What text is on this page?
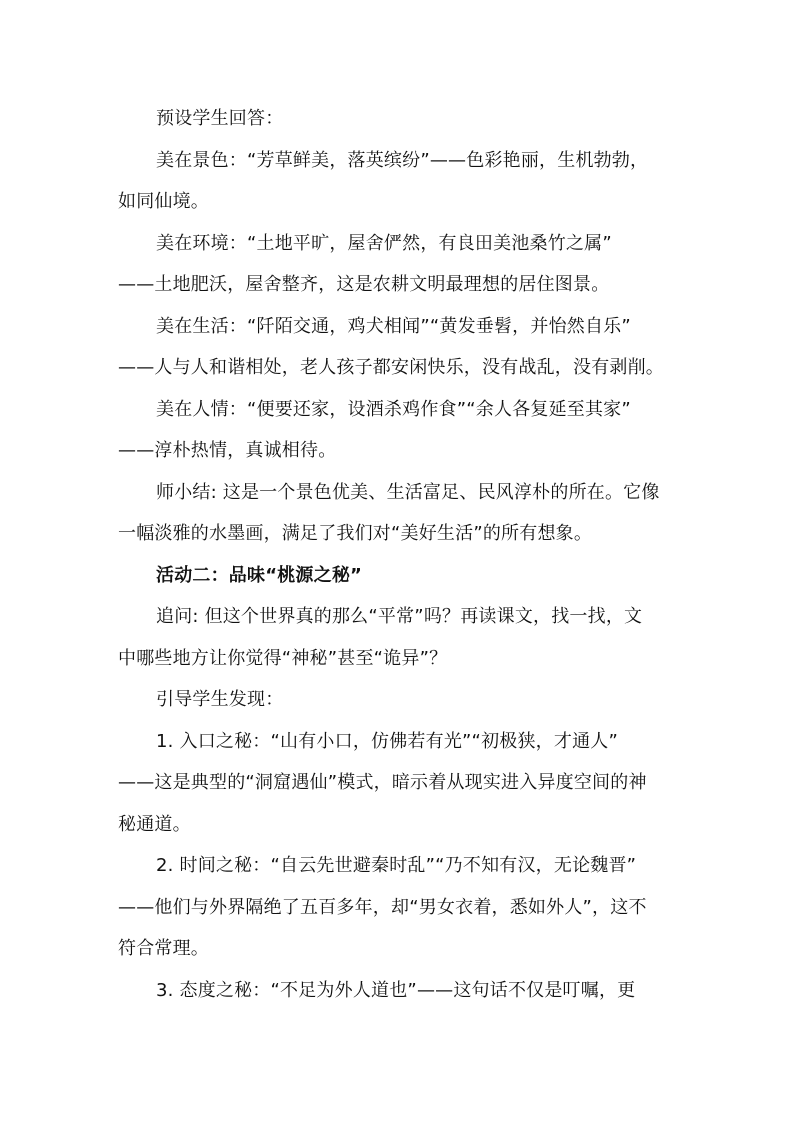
预设学生回答：

美在景色：“芳草鲜美，落英缤纷”——色彩艳丽，生机勃勃，

如同仙境。

美在环境：“土地平旷，屋舍俨然，有良田美池桑竹之属”

——土地肥沃，屋舍整齐，这是农耕文明最理想的居住图景。

美在生活：“阡陌交通，鸡犬相闻”“黄发垂髫，并怡然自乐”

——人与人和谐相处，老人孩子都安闲快乐，没有战乱，没有剥削。

美在人情：“便要还家，设酒杀鸡作食”“余人各复延至其家”

——淳朴热情，真诚相待。

师小结: 这是一个景色优美、生活富足、民风淳朴的所在。它像

一幅淡雅的水墨画，满足了我们对“美好生活”的所有想象。

活动二：品味“桃源之秘”

追问: 但这个世界真的那么“平常”吗？再读课文，找一找，文

中哪些地方让你觉得“神秘”甚至“诡异”？

引导学生发现：

1. 入口之秘：“山有小口，仿佛若有光”“初极狭，才通人”

——这是典型的“洞窟遇仙”模式，暗示着从现实进入异度空间的神

秘通道。

2. 时间之秘：“自云先世避秦时乱”“乃不知有汉，无论魏晋”

——他们与外界隔绝了五百多年，却“男女衣着，悉如外人”，这不

符合常理。

3. 态度之秘：“不足为外人道也”——这句话不仅是叮嘱，更
